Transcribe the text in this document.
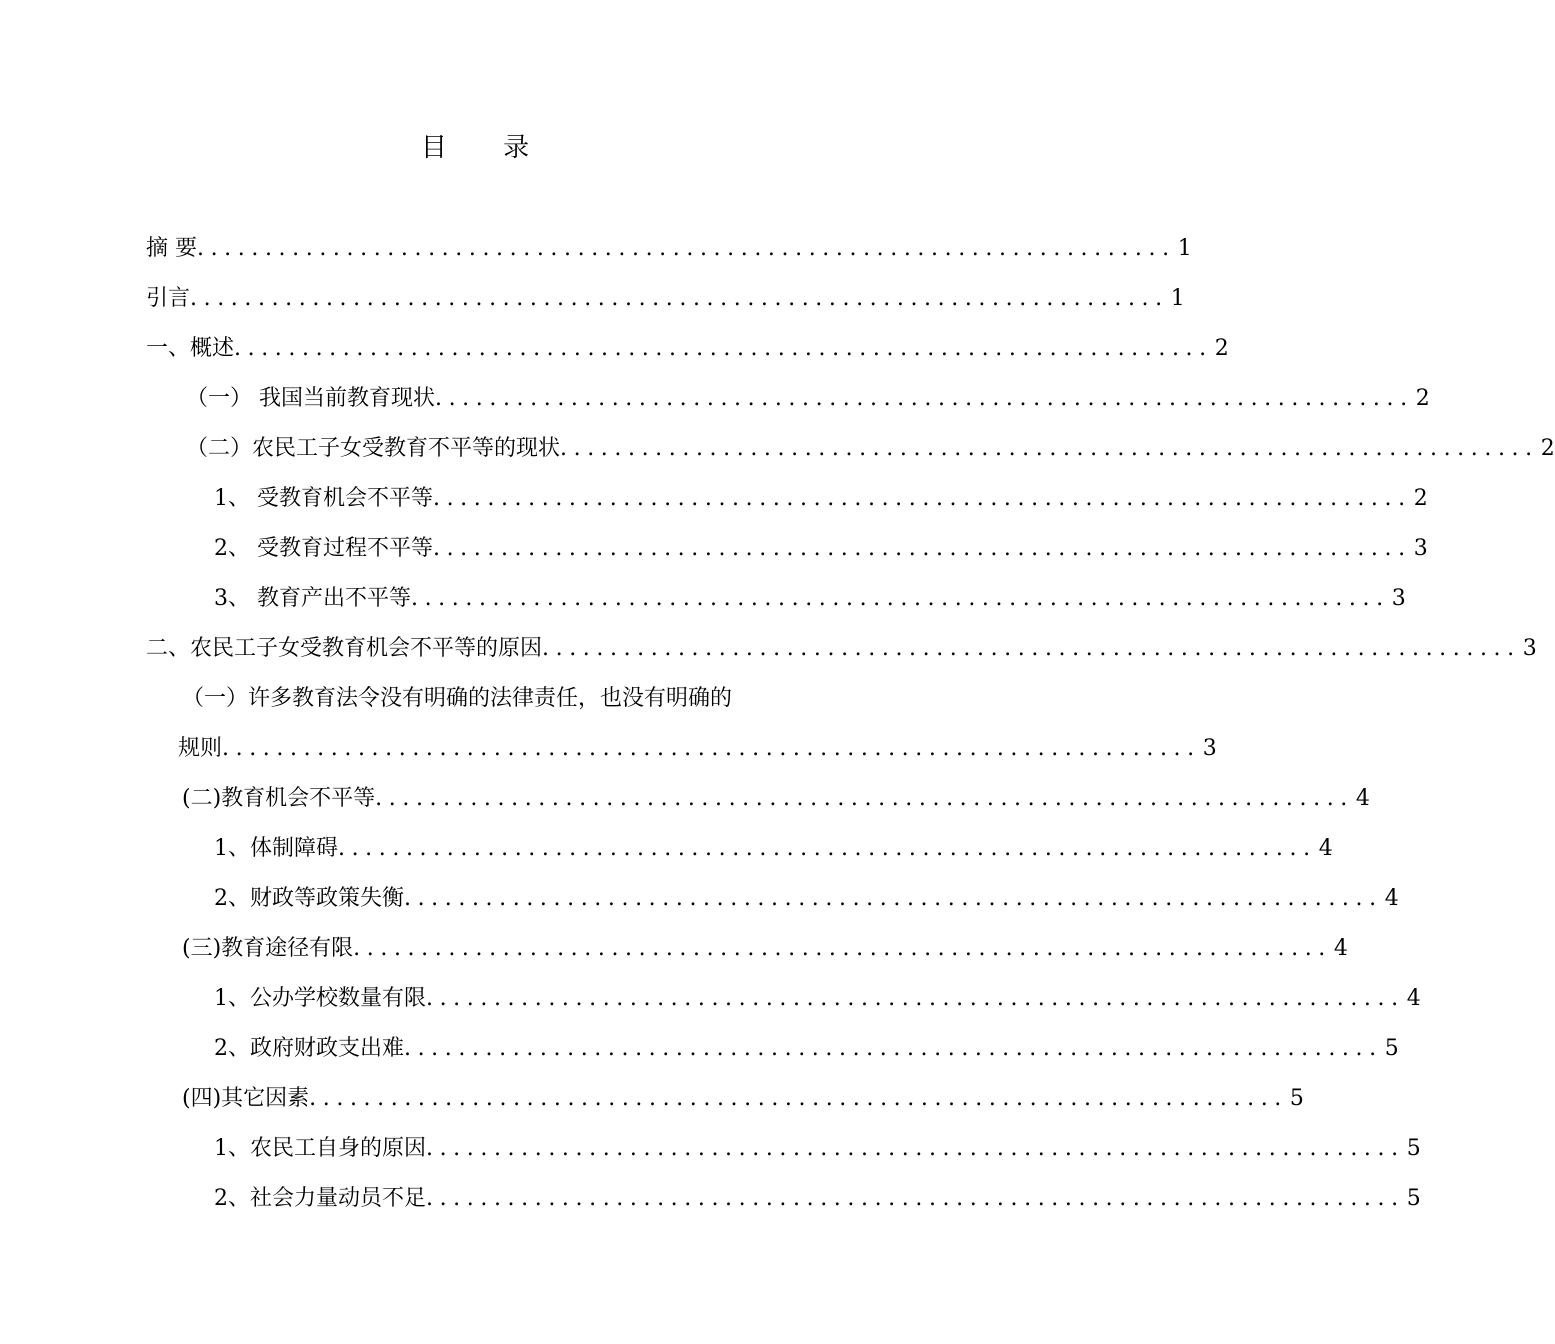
目 录
摘 要 ........................................................................ 1
引言 ........................................................................ 1
一、概述 ........................................................................ 2
（一） 我国当前教育现状 ........................................................................ 2
（二）农民工子女受教育不平等的现状 ........................................................................ 2
1、 受教育机会不平等 ........................................................................ 2
2、 受教育过程不平等 ........................................................................ 3
3、 教育产出不平等 ........................................................................ 3
二、农民工子女受教育机会不平等的原因 ........................................................................ 3
（一）许多教育法令没有明确的法律责任，也没有明确的
规则 ........................................................................ 3
(二)教育机会不平等 ........................................................................ 4
1、体制障碍 ........................................................................ 4
2、财政等政策失衡 ........................................................................ 4
(三)教育途径有限 ........................................................................ 4
1、公办学校数量有限 ........................................................................ 4
2、政府财政支出难 ........................................................................ 5
(四)其它因素 ........................................................................ 5
1、农民工自身的原因 ........................................................................ 5
2、社会力量动员不足 ........................................................................ 5
